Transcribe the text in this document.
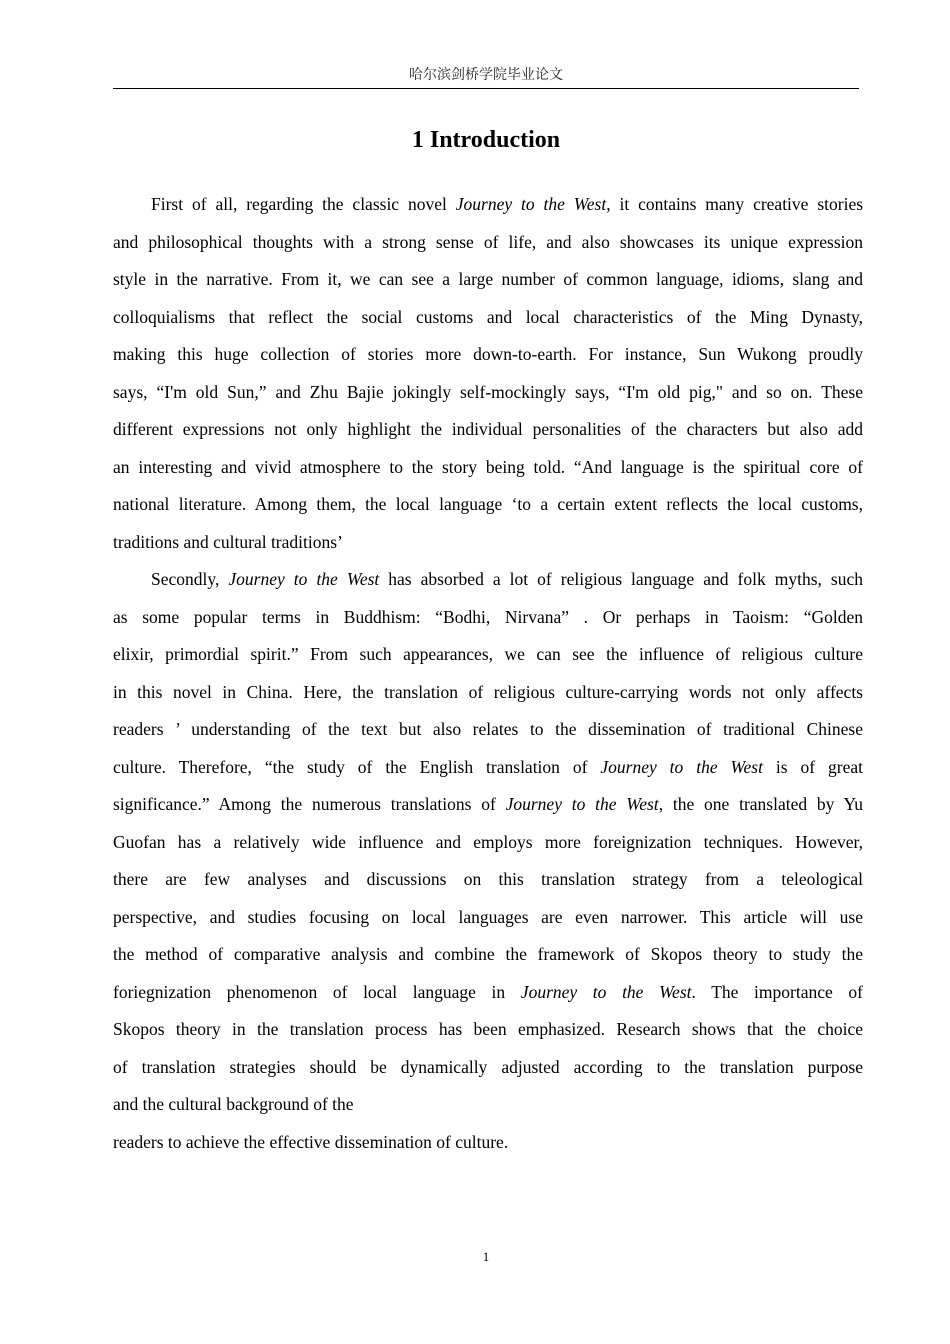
哈尔滨剑桥学院毕业论文
1 Introduction
First of all, regarding the classic novel Journey to the West, it contains many creative stories
and philosophical thoughts with a strong sense of life, and also showcases its unique expression
style in the narrative. From it, we can see a large number of common language, idioms, slang and
colloquialisms that reflect the social customs and local characteristics of the Ming Dynasty,
making this huge collection of stories more down-to-earth. For instance, Sun Wukong proudly
says, “I'm old Sun,” and Zhu Bajie jokingly self-mockingly says, “I'm old pig," and so on. These
different expressions not only highlight the individual personalities of the characters but also add
an interesting and vivid atmosphere to the story being told. “And language is the spiritual core of
national literature. Among them, the local language ‘to a certain extent reflects the local customs,
traditions and cultural traditions’
Secondly, Journey to the West has absorbed a lot of religious language and folk myths, such
as some popular terms in Buddhism: “Bodhi, Nirvana” . Or perhaps in Taoism: “Golden
elixir, primordial spirit.” From such appearances, we can see the influence of religious culture
in this novel in China. Here, the translation of religious culture-carrying words not only affects
readers ’ understanding of the text but also relates to the dissemination of traditional Chinese
culture. Therefore, “the study of the English translation of Journey to the West is of great
significance.” Among the numerous translations of Journey to the West, the one translated by Yu
Guofan has a relatively wide influence and employs more foreignization techniques. However,
there are few analyses and discussions on this translation strategy from a teleological
perspective, and studies focusing on local languages are even narrower. This article will use
the method of comparative analysis and combine the framework of Skopos theory to study the
foriegnization phenomenon of local language in Journey to the West. The importance of
Skopos theory in the translation process has been emphasized. Research shows that the choice
of translation strategies should be dynamically adjusted according to the translation purpose
and the cultural background of the
readers to achieve the effective dissemination of culture.
1
